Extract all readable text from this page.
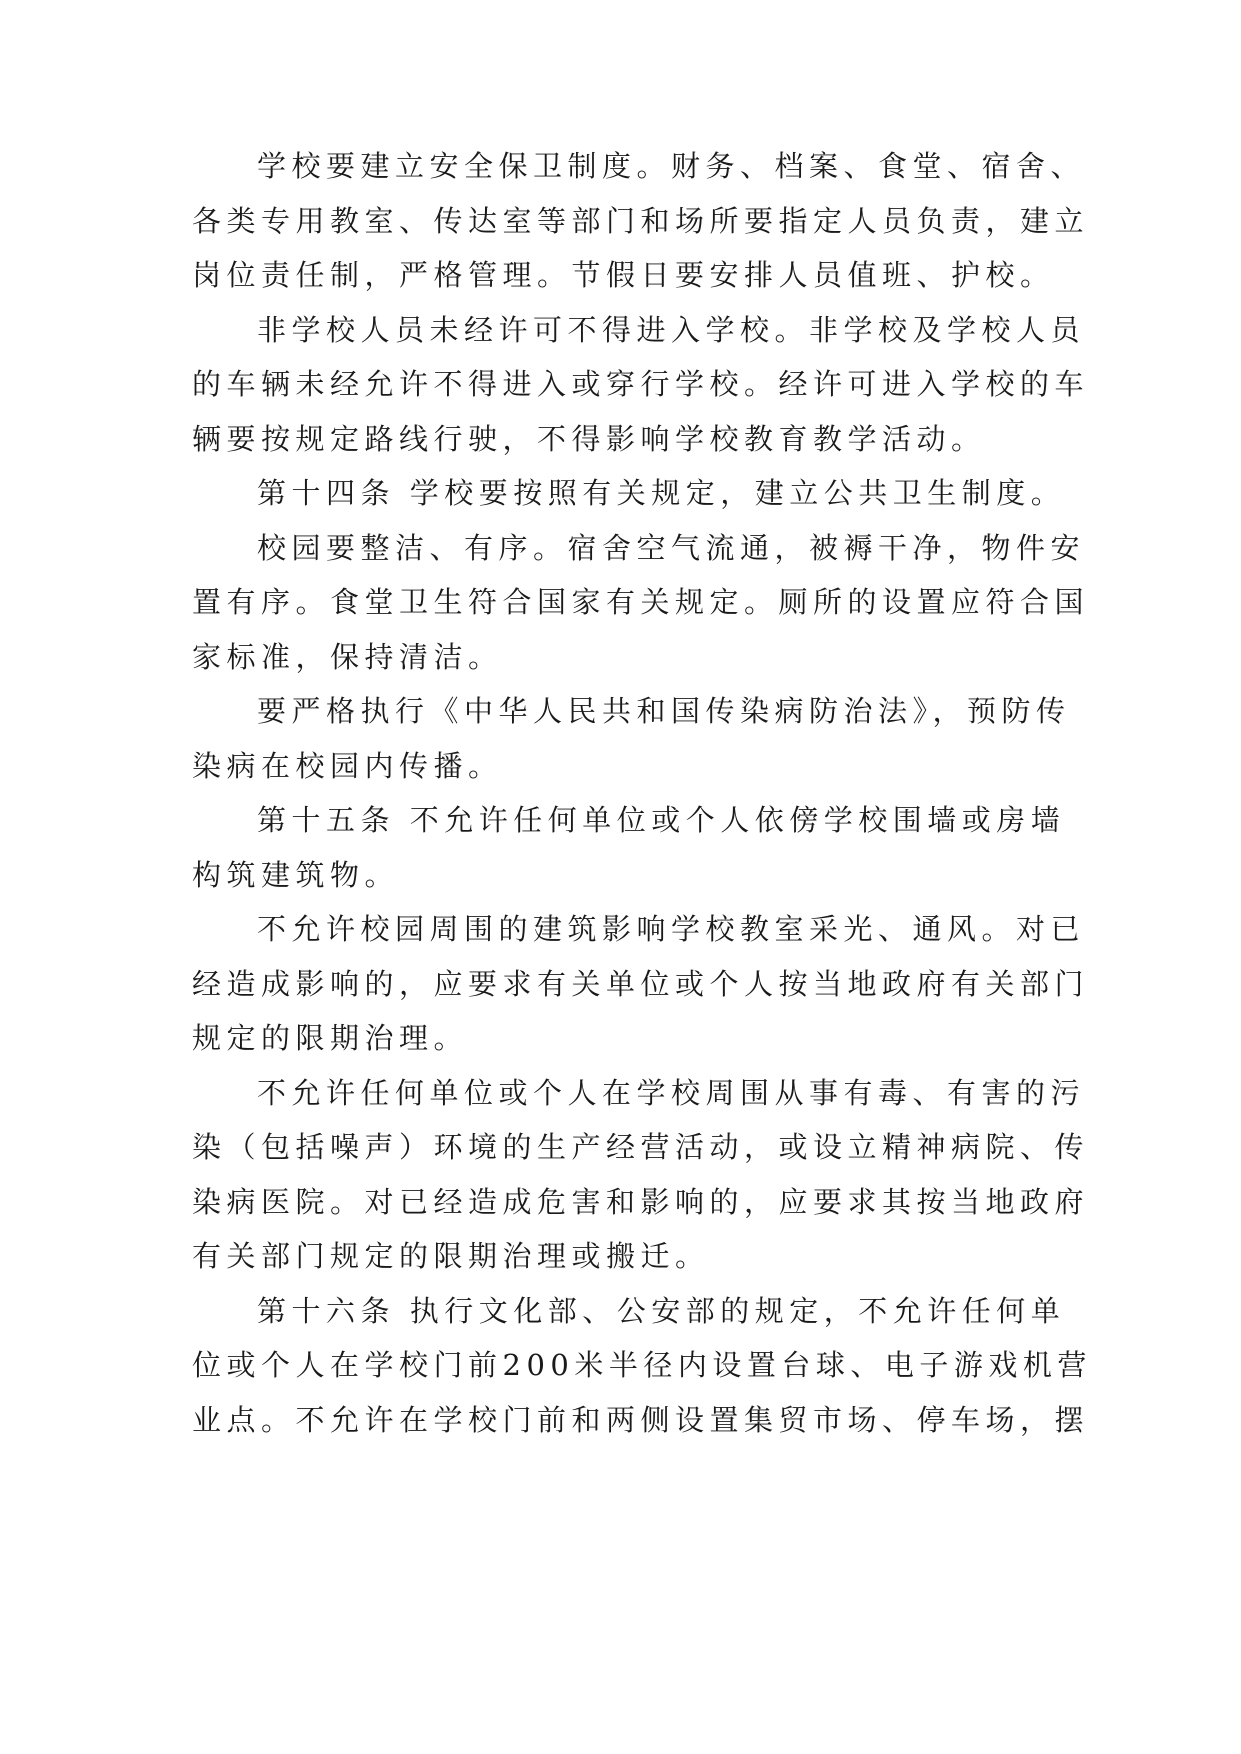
学校要建立安全保卫制度。财务、档案、食堂、宿舍、
各类专用教室、传达室等部门和场所要指定人员负责，建立
岗位责任制，严格管理。节假日要安排人员值班、护校。
非学校人员未经许可不得进入学校。非学校及学校人员
的车辆未经允许不得进入或穿行学校。经许可进入学校的车
辆要按规定路线行驶，不得影响学校教育教学活动。
第十四条 学校要按照有关规定，建立公共卫生制度。
校园要整洁、有序。宿舍空气流通，被褥干净，物件安
置有序。食堂卫生符合国家有关规定。厕所的设置应符合国
家标准，保持清洁。
要严格执行《中华人民共和国传染病防治法》，预防传
染病在校园内传播。
第十五条 不允许任何单位或个人依傍学校围墙或房墙
构筑建筑物。
不允许校园周围的建筑影响学校教室采光、通风。对已
经造成影响的，应要求有关单位或个人按当地政府有关部门
规定的限期治理。
不允许任何单位或个人在学校周围从事有毒、有害的污
染（包括噪声）环境的生产经营活动，或设立精神病院、传
染病医院。对已经造成危害和影响的，应要求其按当地政府
有关部门规定的限期治理或搬迁。
第十六条 执行文化部、公安部的规定，不允许任何单
位或个人在学校门前200米半径内设置台球、电子游戏机营
业点。不允许在学校门前和两侧设置集贸市场、停车场，摆
